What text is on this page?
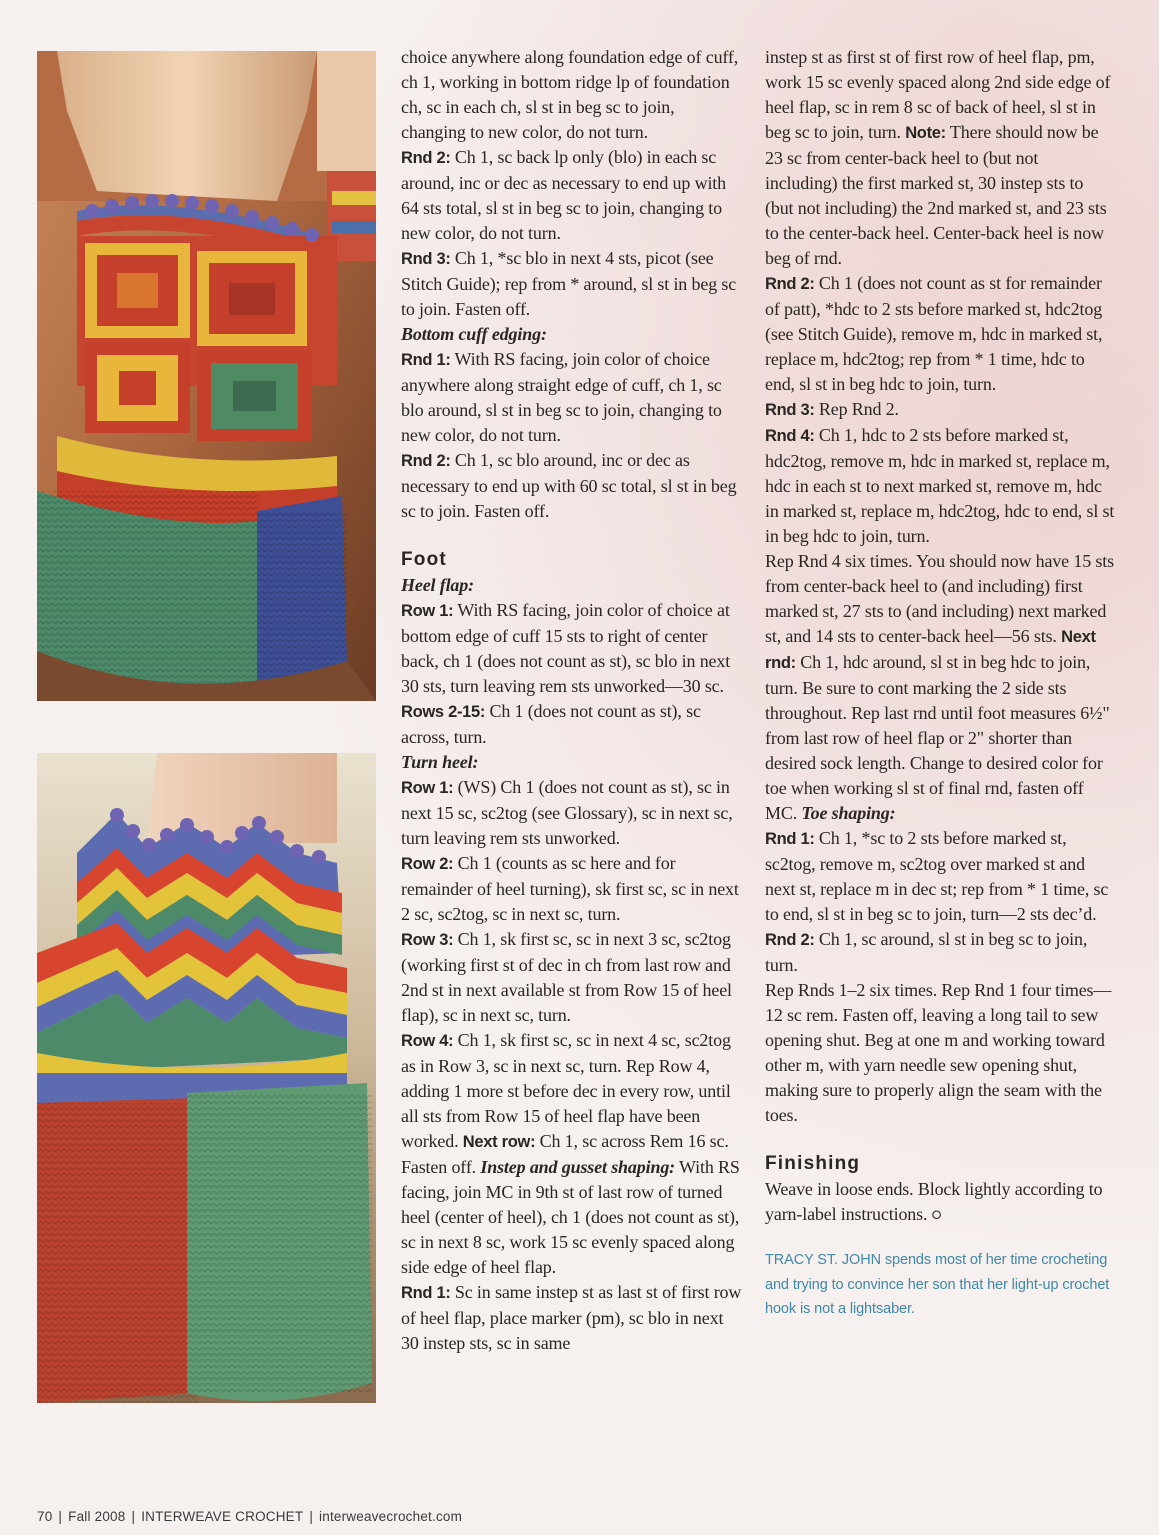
choice anywhere along foundation edge of cuff, ch 1, working in bottom ridge lp of foundation ch, sc in each ch, sl st in beg sc to join, changing to new color, do not turn.

Rnd 2: Ch 1, sc back lp only (blo) in each sc around, inc or dec as necessary to end up with 64 sts total, sl st in beg sc to join, changing to new color, do not turn.

Rnd 3: Ch 1, *sc blo in next 4 sts, picot (see Stitch Guide); rep from * around, sl st in beg sc to join. Fasten off.

Bottom cuff edging:

Rnd 1: With RS facing, join color of choice anywhere along straight edge of cuff, ch 1, sc blo around, sl st in beg sc to join, changing to new color, do not turn.

Rnd 2: Ch 1, sc blo around, inc or dec as necessary to end up with 60 sc total, sl st in beg sc to join. Fasten off.

Foot

Heel flap:

Row 1: With RS facing, join color of choice at bottom edge of cuff 15 sts to right of center back, ch 1 (does not count as st), sc blo in next 30 sts, turn leaving rem sts unworked—30 sc.

Rows 2-15: Ch 1 (does not count as st), sc across, turn.

Turn heel:

Row 1: (WS) Ch 1 (does not count as st), sc in next 15 sc, sc2tog (see Glossary), sc in next sc, turn leaving rem sts unworked.

Row 2: Ch 1 (counts as sc here and for remainder of heel turning), sk first sc, sc in next 2 sc, sc2tog, sc in next sc, turn.

Row 3: Ch 1, sk first sc, sc in next 3 sc, sc2tog (working first st of dec in ch from last row and 2nd st in next available st from Row 15 of heel flap), sc in next sc, turn.

Row 4: Ch 1, sk first sc, sc in next 4 sc, sc2tog as in Row 3, sc in next sc, turn. Rep Row 4, adding 1 more st before dec in every row, until all sts from Row 15 of heel flap have been worked. Next row: Ch 1, sc across Rem 16 sc. Fasten off. Instep and gusset shaping: With RS facing, join MC in 9th st of last row of turned heel (center of heel), ch 1 (does not count as st), sc in next 8 sc, work 15 sc evenly spaced along side edge of heel flap.

Rnd 1: Sc in same instep st as last st of first row of heel flap, place marker (pm), sc blo in next 30 instep sts, sc in same

instep st as first st of first row of heel flap, pm, work 15 sc evenly spaced along 2nd side edge of heel flap, sc in rem 8 sc of back of heel, sl st in beg sc to join, turn. Note: There should now be 23 sc from center-back heel to (but not including) the first marked st, 30 instep sts to (but not including) the 2nd marked st, and 23 sts to the center-back heel. Center-back heel is now beg of rnd.

Rnd 2: Ch 1 (does not count as st for remainder of patt), *hdc to 2 sts before marked st, hdc2tog (see Stitch Guide), remove m, hdc in marked st, replace m, hdc2tog; rep from * 1 time, hdc to end, sl st in beg hdc to join, turn.

Rnd 3: Rep Rnd 2.

Rnd 4: Ch 1, hdc to 2 sts before marked st, hdc2tog, remove m, hdc in marked st, replace m, hdc in each st to next marked st, remove m, hdc in marked st, replace m, hdc2tog, hdc to end, sl st in beg hdc to join, turn.

Rep Rnd 4 six times. You should now have 15 sts from center-back heel to (and including) first marked st, 27 sts to (and including) next marked st, and 14 sts to center-back heel—56 sts. Next rnd: Ch 1, hdc around, sl st in beg hdc to join, turn. Be sure to cont marking the 2 side sts throughout. Rep last rnd until foot measures 6½" from last row of heel flap or 2" shorter than desired sock length. Change to desired color for toe when working sl st of final rnd, fasten off MC. Toe shaping:

Rnd 1: Ch 1, *sc to 2 sts before marked st, sc2tog, remove m, sc2tog over marked st and next st, replace m in dec st; rep from * 1 time, sc to end, sl st in beg sc to join, turn—2 sts dec’d.

Rnd 2: Ch 1, sc around, sl st in beg sc to join, turn.

Rep Rnds 1–2 six times. Rep Rnd 1 four times—12 sc rem. Fasten off, leaving a long tail to sew opening shut. Beg at one m and working toward other m, with yarn needle sew opening shut, making sure to properly align the seam with the toes.

Finishing

Weave in loose ends. Block lightly according to yarn-label instructions. ⭘

TRACY ST. JOHN spends most of her time crocheting and trying to convince her son that her light-up crochet hook is not a lightsaber.

70 | Fall 2008 | INTERWEAVE CROCHET | interweavecrochet.com
